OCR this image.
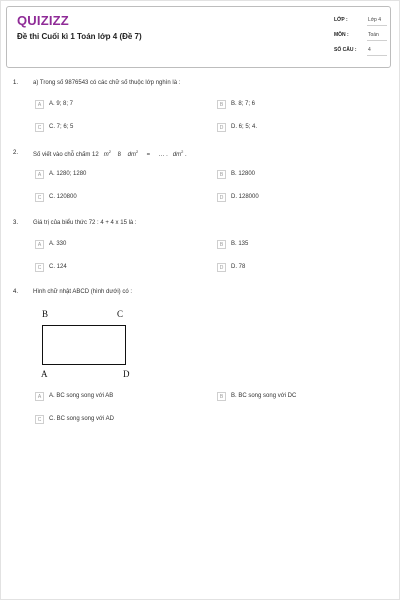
QUIZIZZ
Đề thi Cuối kì 1 Toán lớp 4 (Đề 7)
LỚP :	Lớp 4
MÔN :	Toán
SỐ CÂU : 4
1. a) Trong số 9876543 có các chữ số thuộc lớp nghìn là :
A	A. 9; 8; 7	B	B. 8; 7; 6
C	C. 7; 6; 5	D	D. 6; 5; 4.
2. Số viết vào chỗ chấm 12 $m^2$    8 $dm^2$     = … . $dm^2$ .
A	A. 1280; 1280	B	B. 12800
C	C. 120800	D	D. 128000
3. Giá trị của biểu thức 72 : 4 + 4 x 15 là :
A	A. 330	B	B. 135
C	C. 124	D	D. 78
4. Hình chữ nhật ABCD (hình dưới) có :
B	C
A	D
A	A. BC song song với AB	B	B. BC song song với DC
C	C. BC song song với AD
